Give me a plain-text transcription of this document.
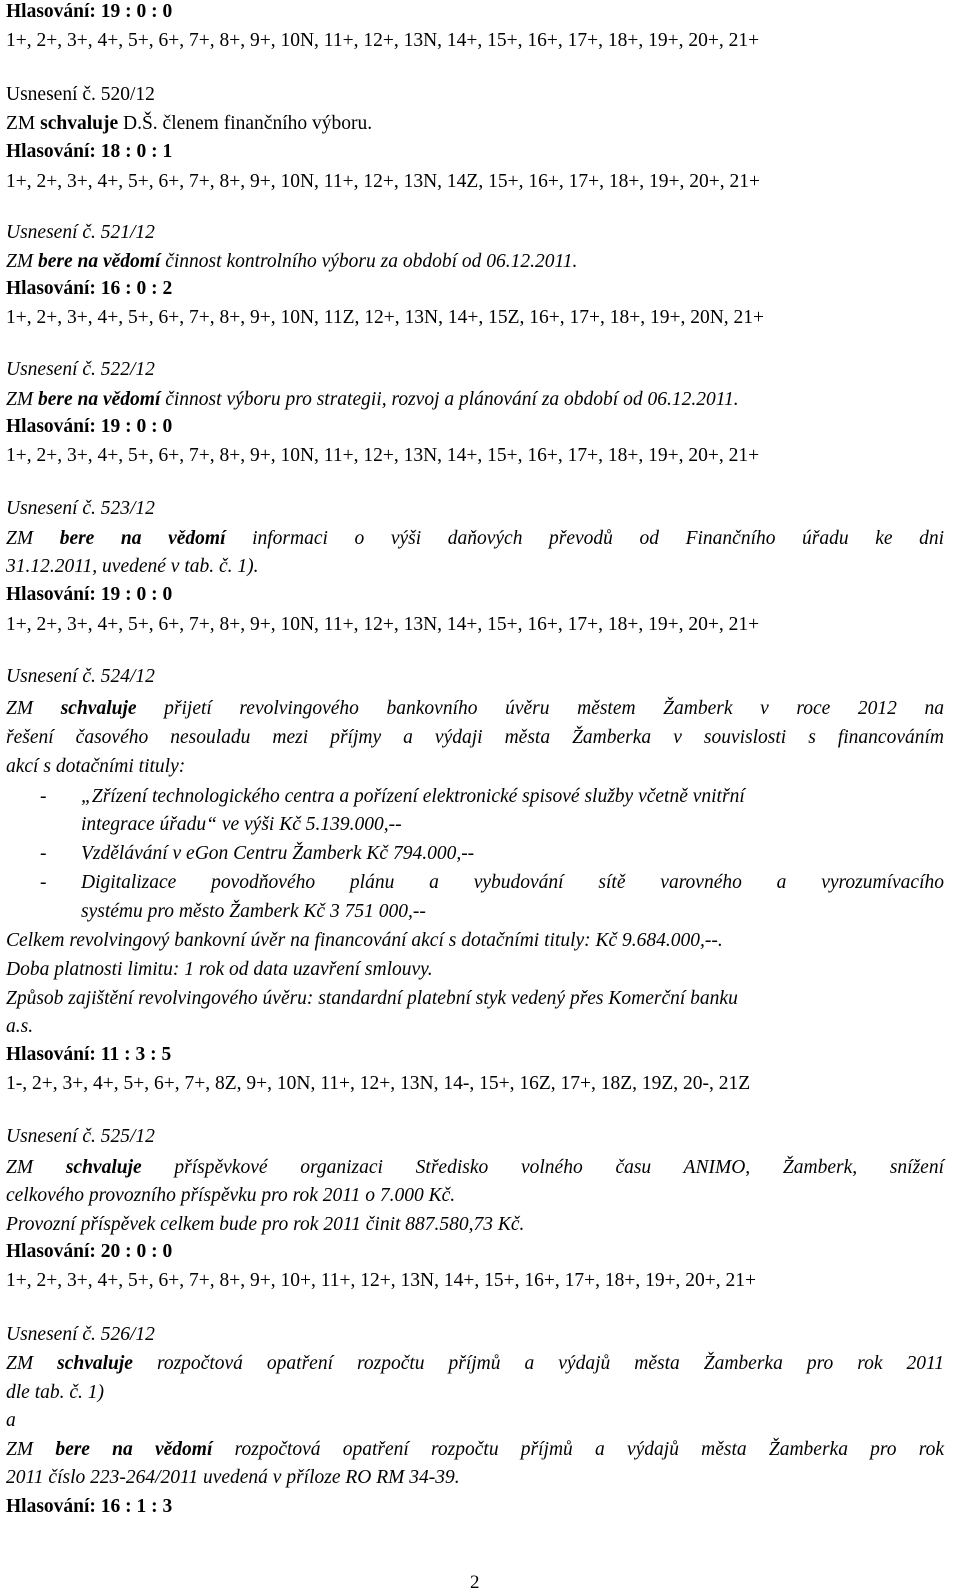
Hlasování: 19 : 0 : 0
1+, 2+, 3+, 4+, 5+, 6+, 7+, 8+, 9+, 10N, 11+, 12+, 13N, 14+, 15+, 16+, 17+, 18+, 19+, 20+, 21+
Usnesení č. 520/12
ZM schvaluje D.Š. členem finančního výboru.
Hlasování: 18 : 0 : 1
1+, 2+, 3+, 4+, 5+, 6+, 7+, 8+, 9+, 10N, 11+, 12+, 13N, 14Z, 15+, 16+, 17+, 18+, 19+, 20+, 21+
Usnesení č. 521/12
ZM bere na vědomí činnost kontrolního výboru za období od 06.12.2011.
Hlasování: 16 : 0 : 2
1+, 2+, 3+, 4+, 5+, 6+, 7+, 8+, 9+, 10N, 11Z, 12+, 13N, 14+, 15Z, 16+, 17+, 18+, 19+, 20N, 21+
Usnesení č. 522/12
ZM bere na vědomí činnost výboru pro strategii, rozvoj a plánování za období od 06.12.2011.
Hlasování: 19 : 0 : 0
1+, 2+, 3+, 4+, 5+, 6+, 7+, 8+, 9+, 10N, 11+, 12+, 13N, 14+, 15+, 16+, 17+, 18+, 19+, 20+, 21+
Usnesení č. 523/12
ZM bere na vědomí informaci o výši daňových převodů od Finančního úřadu ke dni
31.12.2011, uvedené v tab. č. 1).
Hlasování: 19 : 0 : 0
1+, 2+, 3+, 4+, 5+, 6+, 7+, 8+, 9+, 10N, 11+, 12+, 13N, 14+, 15+, 16+, 17+, 18+, 19+, 20+, 21+
Usnesení č. 524/12
ZM schvaluje přijetí revolvingového bankovního úvěru městem Žamberk v roce 2012 na
řešení časového nesouladu mezi příjmy a výdaji města Žamberka v souvislosti s financováním
akcí s dotačními tituly:
- „Zřízení technologického centra a pořízení elektronické spisové služby včetně vnitřní
integrace úřadu“ ve výši Kč 5.139.000,--
- Vzdělávání v eGon Centru Žamberk Kč 794.000,--
- Digitalizace povodňového plánu a vybudování sítě varovného a vyrozumívacího
systému pro město Žamberk Kč 3 751 000,--
Celkem revolvingový bankovní úvěr na financování akcí s dotačními tituly: Kč 9.684.000,--.
Doba platnosti limitu: 1 rok od data uzavření smlouvy.
Způsob zajištění revolvingového úvěru: standardní platební styk vedený přes Komerční banku
a.s.
Hlasování: 11 : 3 : 5
1-, 2+, 3+, 4+, 5+, 6+, 7+, 8Z, 9+, 10N, 11+, 12+, 13N, 14-, 15+, 16Z, 17+, 18Z, 19Z, 20-, 21Z
Usnesení č. 525/12
ZM schvaluje příspěvkové organizaci Středisko volného času ANIMO, Žamberk, snížení
celkového provozního příspěvku pro rok 2011 o 7.000 Kč.
Provozní příspěvek celkem bude pro rok 2011 činit 887.580,73 Kč.
Hlasování: 20 : 0 : 0
1+, 2+, 3+, 4+, 5+, 6+, 7+, 8+, 9+, 10+, 11+, 12+, 13N, 14+, 15+, 16+, 17+, 18+, 19+, 20+, 21+
Usnesení č. 526/12
ZM schvaluje rozpočtová opatření rozpočtu příjmů a výdajů města Žamberka pro rok 2011
dle tab. č. 1)
a
ZM bere na vědomí rozpočtová opatření rozpočtu příjmů a výdajů města Žamberka pro rok
2011 číslo 223-264/2011 uvedená v příloze RO RM 34-39.
Hlasování: 16 : 1 : 3
2
